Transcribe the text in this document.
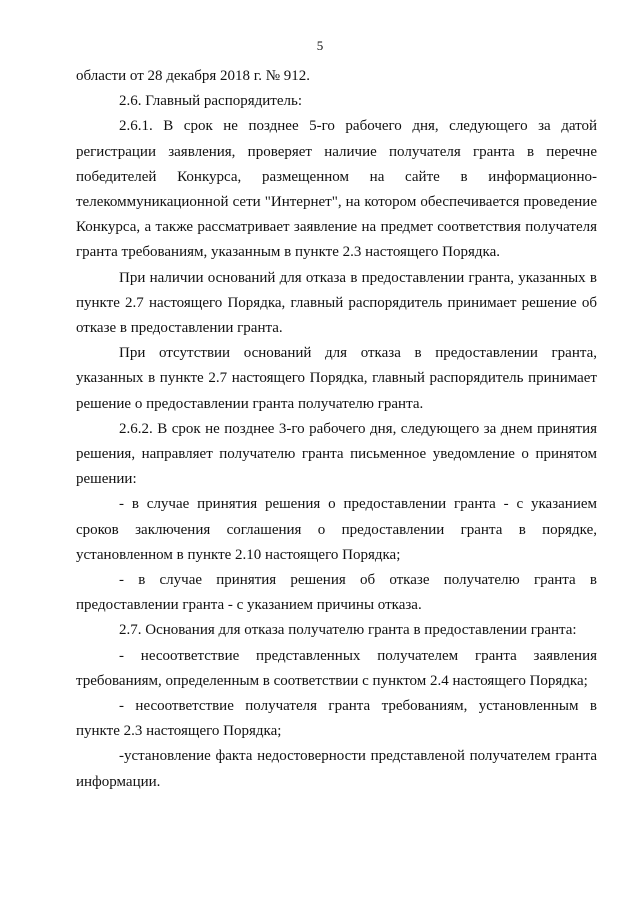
5

области от 28 декабря 2018 г. № 912.

2.6. Главный распорядитель:

2.6.1. В срок не позднее 5-го рабочего дня, следующего за датой регистрации заявления, проверяет наличие получателя гранта в перечне победителей Конкурса, размещенном на сайте в информационно-телекоммуникационной сети "Интернет", на котором обеспечивается проведение Конкурса, а также рассматривает заявление на предмет соответствия получателя гранта требованиям, указанным в пункте 2.3 настоящего Порядка.

При наличии оснований для отказа в предоставлении гранта, указанных в пункте 2.7 настоящего Порядка, главный распорядитель принимает решение об отказе в предоставлении гранта.

При отсутствии оснований для отказа в предоставлении гранта, указанных в пункте 2.7 настоящего Порядка, главный распорядитель принимает решение о предоставлении гранта получателю гранта.

2.6.2. В срок не позднее 3-го рабочего дня, следующего за днем принятия решения, направляет получателю гранта письменное уведомление о принятом решении:

- в случае принятия решения о предоставлении гранта - с указанием сроков заключения соглашения о предоставлении гранта в порядке, установленном в пункте 2.10 настоящего Порядка;

- в случае принятия решения об отказе получателю гранта в предоставлении гранта - с указанием причины отказа.

2.7. Основания для отказа получателю гранта в предоставлении гранта:

- несоответствие представленных получателем гранта заявления требованиям, определенным в соответствии с пунктом 2.4 настоящего Порядка;

- несоответствие получателя гранта требованиям, установленным в пункте 2.3 настоящего Порядка;

-установление факта недостоверности представленой получателем гранта информации.
